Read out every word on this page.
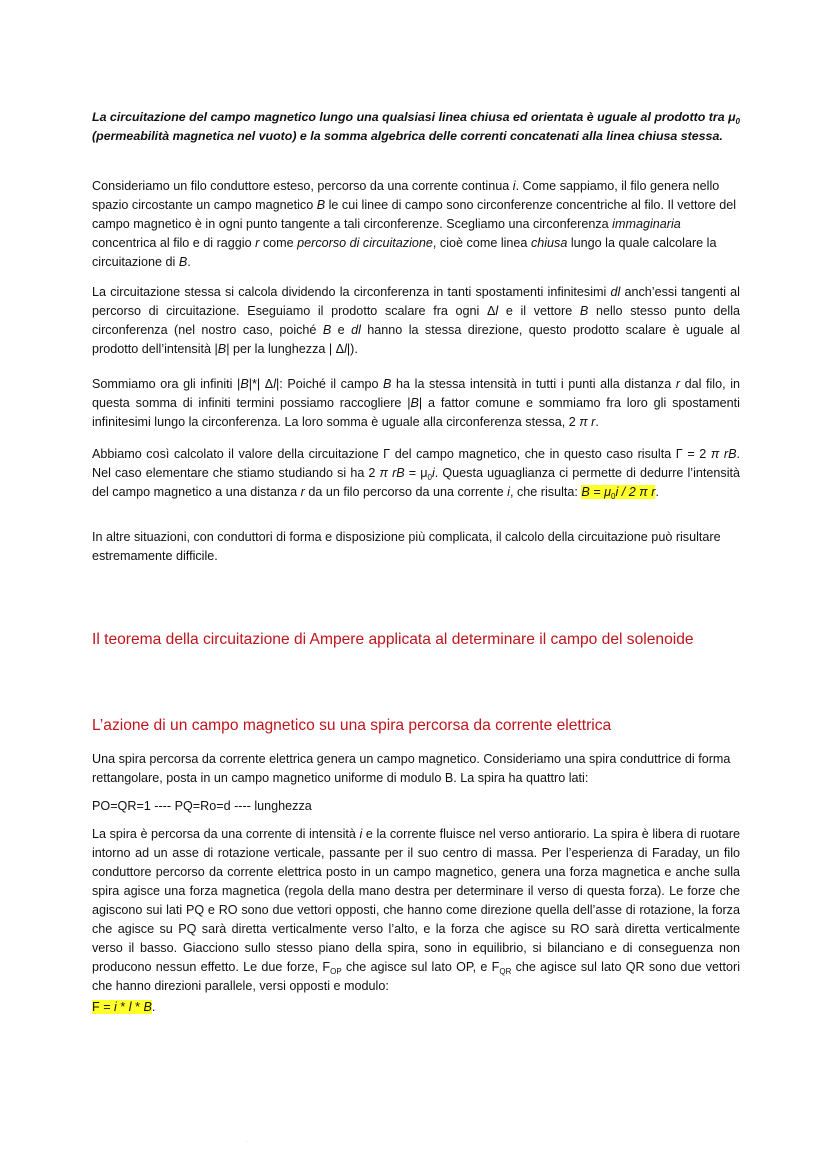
La circuitazione del campo magnetico lungo una qualsiasi linea chiusa ed orientata è uguale al prodotto tra $\mu_0$ (permeabilità magnetica nel vuoto) e la somma algebrica delle correnti concatenati alla linea chiusa stessa.

Consideriamo un filo conduttore esteso, percorso da una corrente continua i. Come sappiamo, il filo genera nello spazio circostante un campo magnetico B le cui linee di campo sono circonferenze concentriche al filo. Il vettore del campo magnetico è in ogni punto tangente a tali circonferenze. Scegliamo una circonferenza immaginaria concentrica al filo e di raggio r come percorso di circuitazione, cioè come linea chiusa lungo la quale calcolare la circuitazione di B.

La circuitazione stessa si calcola dividendo la circonferenza in tanti spostamenti infinitesimi dl anch’essi tangenti al percorso di circuitazione. Eseguiamo il prodotto scalare fra ogni Δl e il vettore B nello stesso punto della circonferenza (nel nostro caso, poiché B e dl hanno la stessa direzione, questo prodotto scalare è uguale al prodotto dell’intensità |B| per la lunghezza | Δl|).

Sommiamo ora gli infiniti |B|*| Δl|: Poiché il campo B ha la stessa intensità in tutti i punti alla distanza r dal filo, in questa somma di infiniti termini possiamo raccogliere |B| a fattor comune e sommiamo fra loro gli spostamenti infinitesimi lungo la circonferenza. La loro somma è uguale alla circonferenza stessa, 2 π r.

Abbiamo così calcolato il valore della circuitazione Γ del campo magnetico, che in questo caso risulta Γ = 2 π rB. Nel caso elementare che stiamo studiando si ha 2 π rB = $\mu_0i$. Questa uguaglianza ci permette di dedurre l’intensità del campo magnetico a una distanza r da un filo percorso da una corrente i, che risulta: $B = \mu_0i / 2$ π r.

In altre situazioni, con conduttori di forma e disposizione più complicata, il calcolo della circuitazione può risultare estremamente difficile.

Il teorema della circuitazione di Ampere applicata al determinare il campo del solenoide
L’azione di un campo magnetico su una spira percorsa da corrente elettrica

Una spira percorsa da corrente elettrica genera un campo magnetico. Consideriamo una spira conduttrice di forma rettangolare, posta in un campo magnetico uniforme di modulo B. La spira ha quattro lati:

PO=QR=1 ---- PQ=Ro=d ---- lunghezza

La spira è percorsa da una corrente di intensità i e la corrente fluisce nel verso antiorario. La spira è libera di ruotare intorno ad un asse di rotazione verticale, passante per il suo centro di massa. Per l’esperienza di Faraday, un filo conduttore percorso da corrente elettrica posto in un campo magnetico, genera una forza magnetica e anche sulla spira agisce una forza magnetica (regola della mano destra per determinare il verso di questa forza). Le forze che agiscono sui lati PQ e RO sono due vettori opposti, che hanno come direzione quella dell’asse di rotazione, la forza che agisce su PQ sarà diretta verticalmente verso l’alto, e la forza che agisce su RO sarà diretta verticalmente verso il basso. Giacciono sullo stesso piano della spira, sono in equilibrio, si bilanciano e di conseguenza non producono nessun effetto. Le due forze, $F_{OP}$ che agisce sul lato OP, e $F_{QR}$ che agisce sul lato QR sono due vettori che hanno direzioni parallele, versi opposti e modulo:

F = i * l * B.

.
